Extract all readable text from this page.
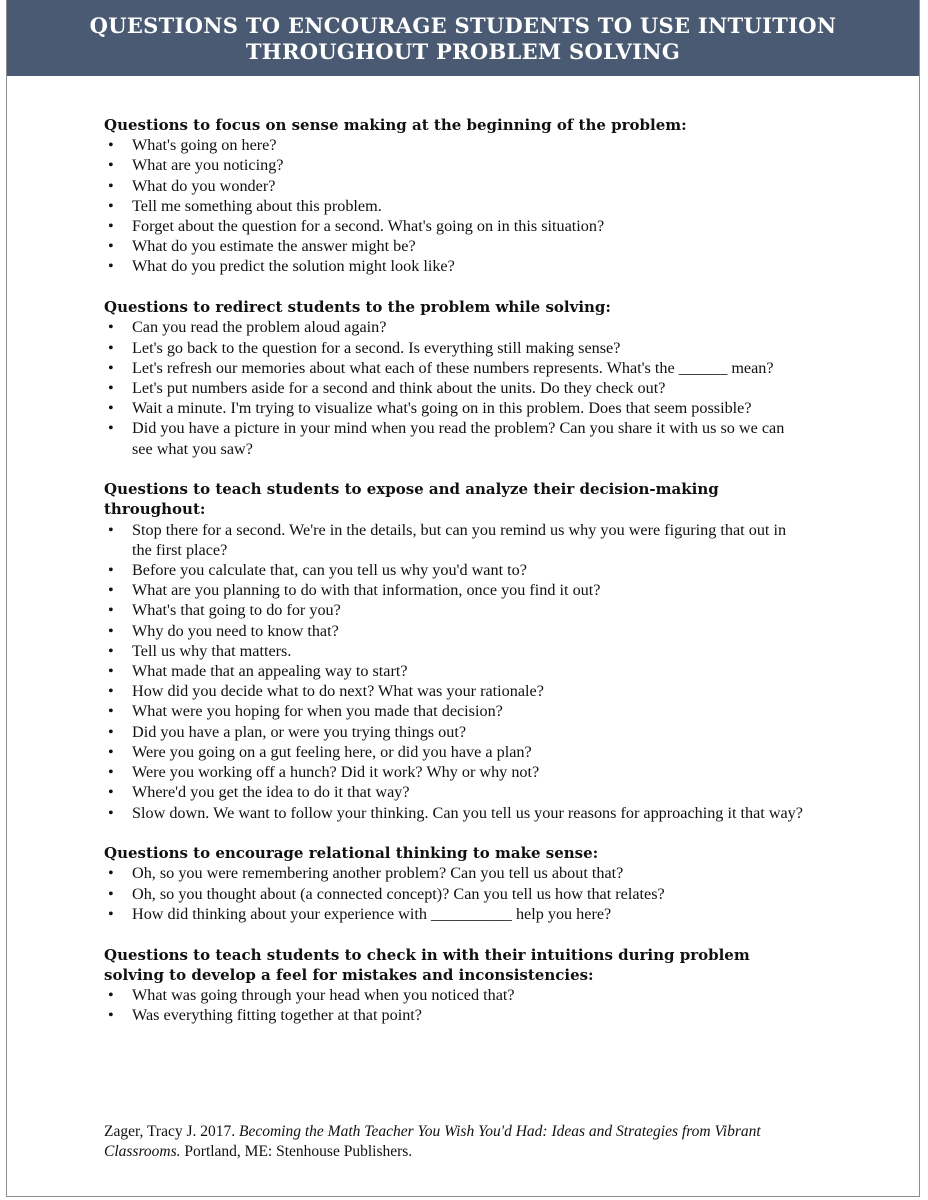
QUESTIONS TO ENCOURAGE STUDENTS TO USE INTUITION
THROUGHOUT PROBLEM SOLVING
Questions to focus on sense making at the beginning of the problem:
• What's going on here?
• What are you noticing?
• What do you wonder?
• Tell me something about this problem.
• Forget about the question for a second. What's going on in this situation?
• What do you estimate the answer might be?
• What do you predict the solution might look like?
Questions to redirect students to the problem while solving:
• Can you read the problem aloud again?
• Let's go back to the question for a second. Is everything still making sense?
• Let's refresh our memories about what each of these numbers represents. What's the ______ mean?
• Let's put numbers aside for a second and think about the units. Do they check out?
• Wait a minute. I'm trying to visualize what's going on in this problem. Does that seem possible?
• Did you have a picture in your mind when you read the problem? Can you share it with us so we can see what you saw?
Questions to teach students to expose and analyze their decision-making throughout:
• Stop there for a second. We're in the details, but can you remind us why you were figuring that out in the first place?
• Before you calculate that, can you tell us why you'd want to?
• What are you planning to do with that information, once you find it out?
• What's that going to do for you?
• Why do you need to know that?
• Tell us why that matters.
• What made that an appealing way to start?
• How did you decide what to do next? What was your rationale?
• What were you hoping for when you made that decision?
• Did you have a plan, or were you trying things out?
• Were you going on a gut feeling here, or did you have a plan?
• Were you working off a hunch? Did it work? Why or why not?
• Where'd you get the idea to do it that way?
• Slow down. We want to follow your thinking. Can you tell us your reasons for approaching it that way?
Questions to encourage relational thinking to make sense:
• Oh, so you were remembering another problem? Can you tell us about that?
• Oh, so you thought about (a connected concept)? Can you tell us how that relates?
• How did thinking about your experience with __________ help you here?
Questions to teach students to check in with their intuitions during problem solving to develop a feel for mistakes and inconsistencies:
• What was going through your head when you noticed that?
• Was everything fitting together at that point?
Zager, Tracy J. 2017. Becoming the Math Teacher You Wish You'd Had: Ideas and Strategies from Vibrant Classrooms. Portland, ME: Stenhouse Publishers.
